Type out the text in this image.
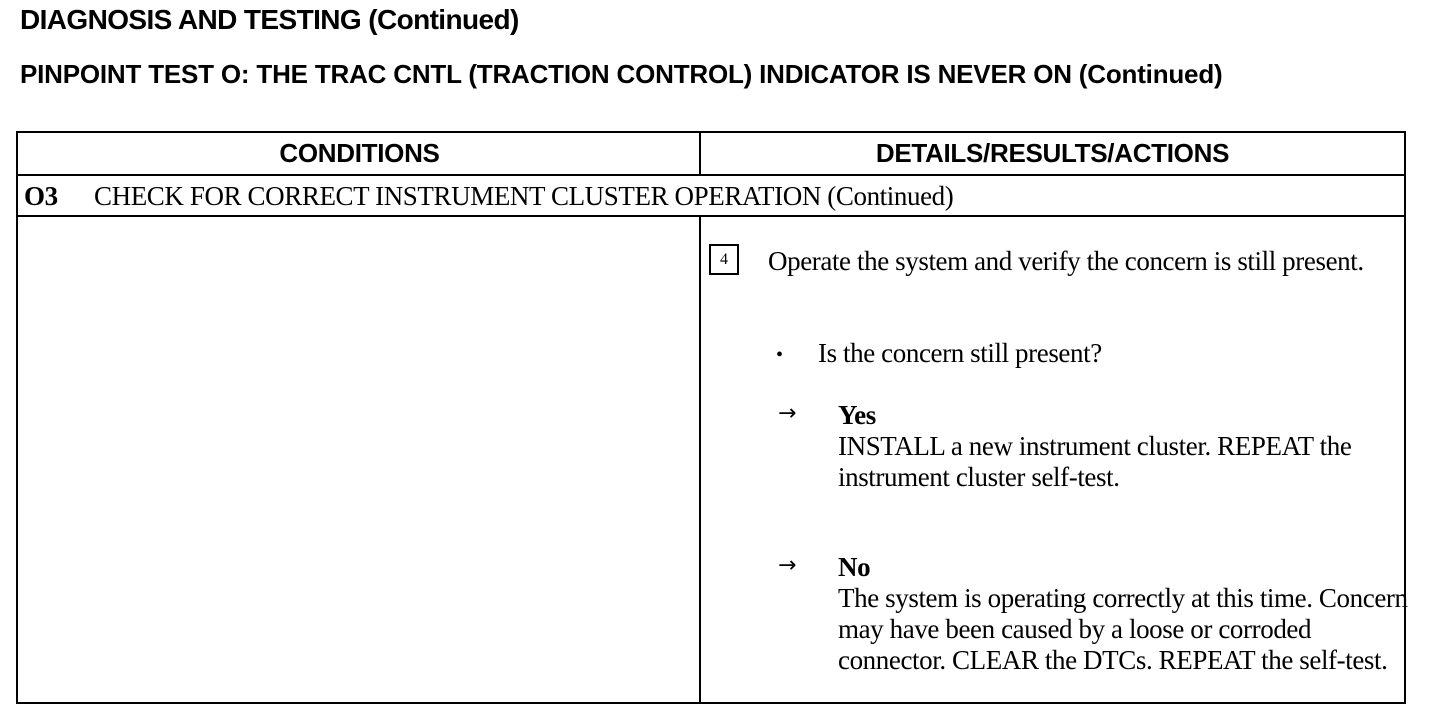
DIAGNOSIS AND TESTING (Continued)
PINPOINT TEST O: THE TRAC CNTL (TRACTION CONTROL) INDICATOR IS NEVER ON (Continued)
CONDITIONS	DETAILS/RESULTS/ACTIONS
O3 CHECK FOR CORRECT INSTRUMENT CLUSTER OPERATION (Continued)
4	Operate the system and verify the concern is still present.
• Is the concern still present?
→ Yes
INSTALL a new instrument cluster. REPEAT the instrument cluster self-test.
→ No
The system is operating correctly at this time. Concern may have been caused by a loose or corroded connector. CLEAR the DTCs. REPEAT the self-test.
